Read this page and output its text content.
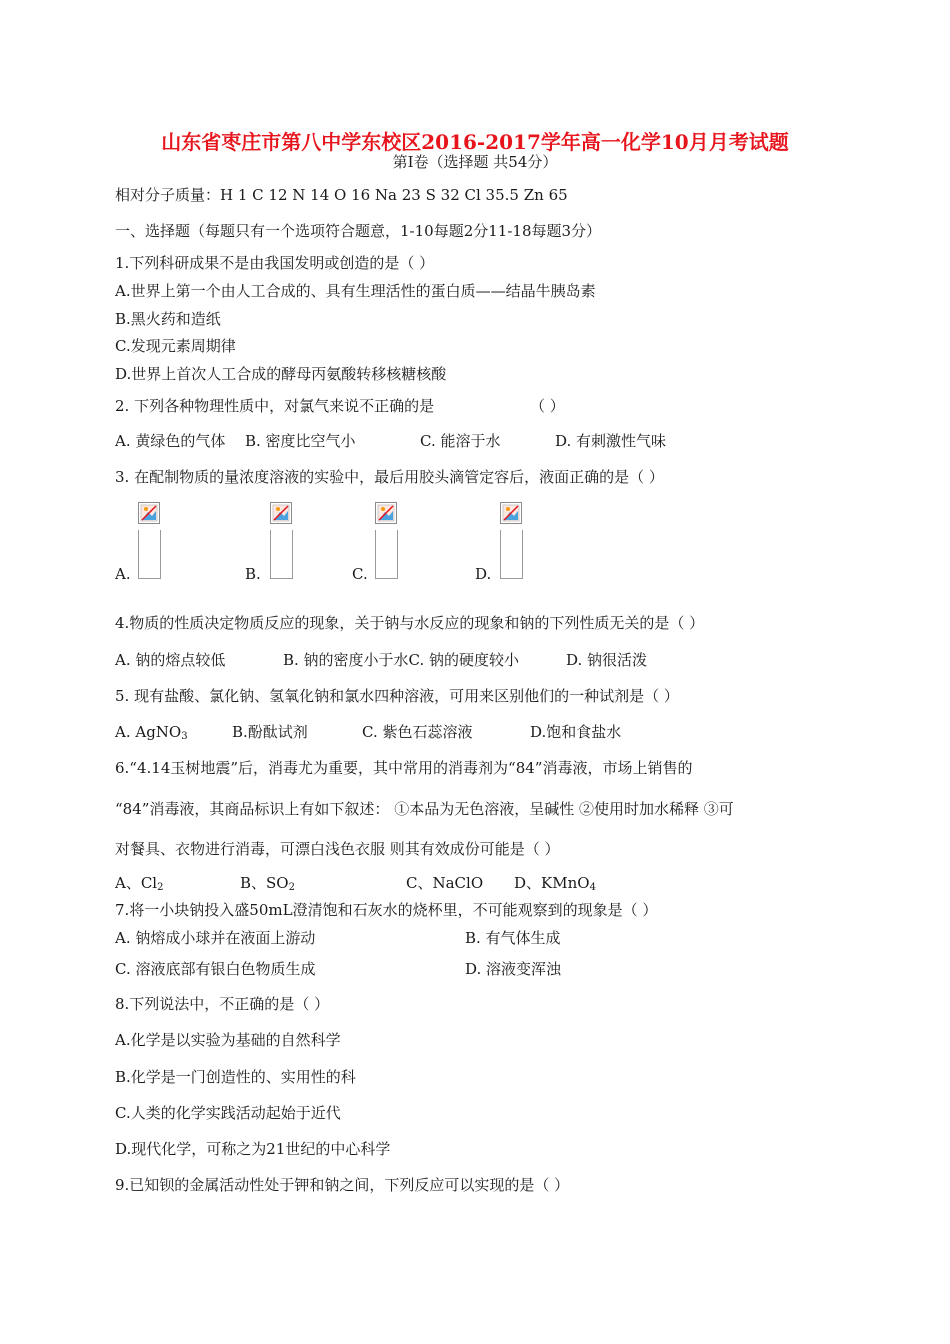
山东省枣庄市第八中学东校区2016-2017学年高一化学10月月考试题
第Ⅰ卷（选择题 共54分）
相对分子质量：H 1 C 12 N 14 O 16 Na 23 S 32 Cl 35.5 Zn 65
一、选择题（每题只有一个选项符合题意，1-10每题2分11-18每题3分）
1.下列科研成果不是由我国发明或创造的是（ ）
A.世界上第一个由人工合成的、具有生理活性的蛋白质——结晶牛胰岛素
B.黑火药和造纸
C.发现元素周期律
D.世界上首次人工合成的酵母丙氨酸转移核糖核酸
2. 下列各种物理性质中，对氯气来说不正确的是	（ ）
A. 黄绿色的气体 B. 密度比空气小	C. 能溶于水	D. 有刺激性气味
3. 在配制物质的量浓度溶液的实验中，最后用胶头滴管定容后，液面正确的是（ ）
A.	B.	C.	D.
4.物质的性质决定物质反应的现象，关于钠与水反应的现象和钠的下列性质无关的是（ ）
A. 钠的熔点较低	B. 钠的密度小于水C. 钠的硬度较小	D. 钠很活泼
5. 现有盐酸、氯化钠、氢氧化钠和氯水四种溶液，可用来区别他们的一种试剂是（ ）
A. AgNO$_3$	B.酚酞试剂	C. 紫色石蕊溶液	D.饱和食盐水
6.“4.14玉树地震”后，消毒尤为重要，其中常用的消毒剂为“84”消毒液，市场上销售的
“84”消毒液，其商品标识上有如下叙述： ①本品为无色溶液，呈碱性 ②使用时加水稀释 ③可
对餐具、衣物进行消毒，可漂白浅色衣服 则其有效成份可能是（ ）
A、$Cl_2$	B、$SO_2$	C、NaClO D、KMnO$_4$
7.将一小块钠投入盛50mL澄清饱和石灰水的烧杯里，不可能观察到的现象是（ ）
A. 钠熔成小球并在液面上游动	B. 有气体生成
C. 溶液底部有银白色物质生成	D. 溶液变浑浊
8.下列说法中，不正确的是（ ）
A.化学是以实验为基础的自然科学
B.化学是一门创造性的、实用性的科
C.人类的化学实践活动起始于近代
D.现代化学，可称之为21世纪的中心科学
9.已知钡的金属活动性处于钾和钠之间，下列反应可以实现的是（ ）
